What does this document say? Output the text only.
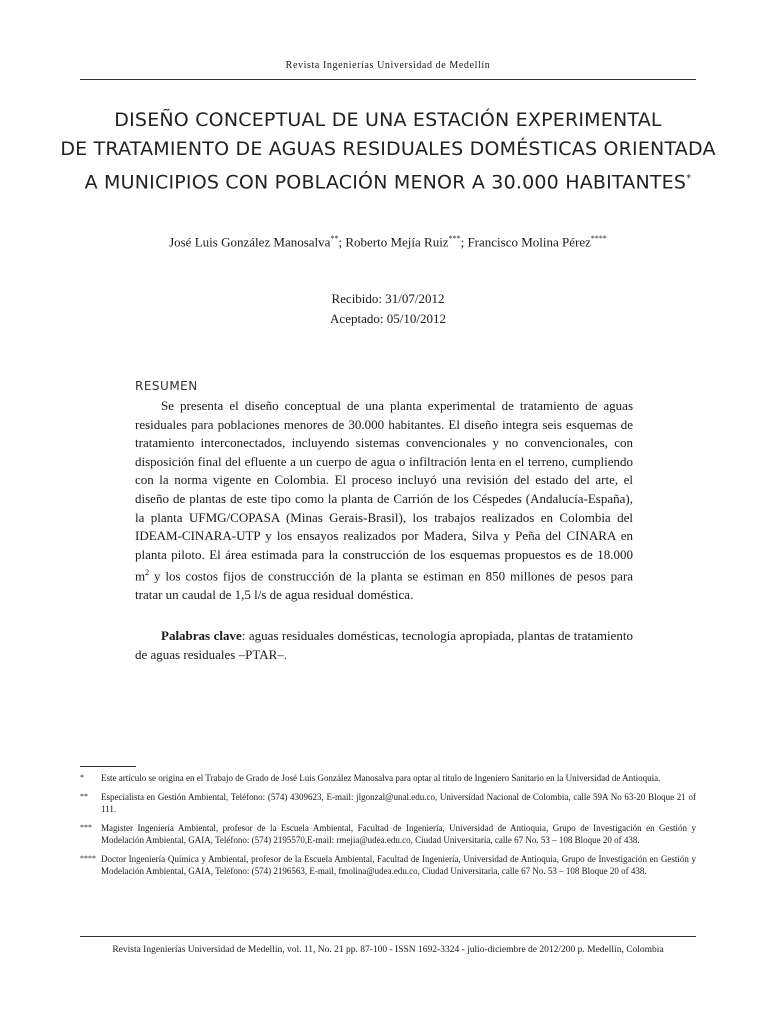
Revista Ingenierías Universidad de Medellín
DISEÑO CONCEPTUAL DE UNA ESTACIÓN EXPERIMENTAL
DE TRATAMIENTO DE AGUAS RESIDUALES DOMÉSTICAS ORIENTADA
A MUNICIPIOS CON POBLACIÓN MENOR A 30.000 HABITANTES*
José Luis González Manosalva**; Roberto Mejía Ruiz***; Francisco Molina Pérez****
Recibido: 31/07/2012
Aceptado: 05/10/2012
RESUMEN

Se presenta el diseño conceptual de una planta experimental de tratamiento de aguas residuales para poblaciones menores de 30.000 habitantes. El diseño integra seis esquemas de tratamiento interconectados, incluyendo sistemas convencionales y no convencionales, con disposición final del efluente a un cuerpo de agua o infiltración lenta en el terreno, cumpliendo con la norma vigente en Colombia. El proceso incluyó una revisión del estado del arte, el diseño de plantas de este tipo como la planta de Carrión de los Céspedes (Andalucía-España), la planta UFMG/COPASA (Minas Gerais-Brasil), los trabajos realizados en Colombia del IDEAM-CINARA-UTP y los ensayos realizados por Madera, Silva y Peña del CINARA en planta piloto. El área estimada para la construcción de los esquemas propuestos es de 18.000 $m^2$ y los costos fijos de construcción de la planta se estiman en 850 millones de pesos para tratar un caudal de 1,5 l/s de agua residual doméstica.

Palabras clave: aguas residuales domésticas, tecnología apropiada, plantas de tratamiento de aguas residuales –PTAR–.

* Este artículo se origina en el Trabajo de Grado de José Luis González Manosalva para optar al título de Ingeniero Sanitario en la Universidad de Antioquia.
** Especialista en Gestión Ambiental, Teléfono: (574) 4309623, E-mail: jlgonzal@unal.edu.co, Universidad Nacional de Colombia, calle 59A No 63-20 Bloque 21 of 111.
*** Magister Ingeniería Ambiental, profesor de la Escuela Ambiental, Facultad de Ingeniería, Universidad de Antioquia, Grupo de Investigación en Gestión y Modelación Ambiental, GAIA, Teléfono: (574) 2195570,E-mail: rmejia@udea.edu.co, Ciudad Universitaria, calle 67 No. 53 – 108 Bloque 20 of 438.
**** Doctor Ingeniería Química y Ambiental, profesor de la Escuela Ambiental, Facultad de Ingeniería, Universidad de Antioquia, Grupo de Investigación en Gestión y Modelación Ambiental, GAIA, Teléfono: (574) 2196563, E-mail, fmolina@udea.edu.co, Ciudad Universitaria, calle 67 No. 53 – 108 Bloque 20 of 438.
Revista Ingenierías Universidad de Medellín, vol. 11, No. 21 pp. 87-100 - ISSN 1692-3324 - julio-diciembre de 2012/200 p. Medellín, Colombia
